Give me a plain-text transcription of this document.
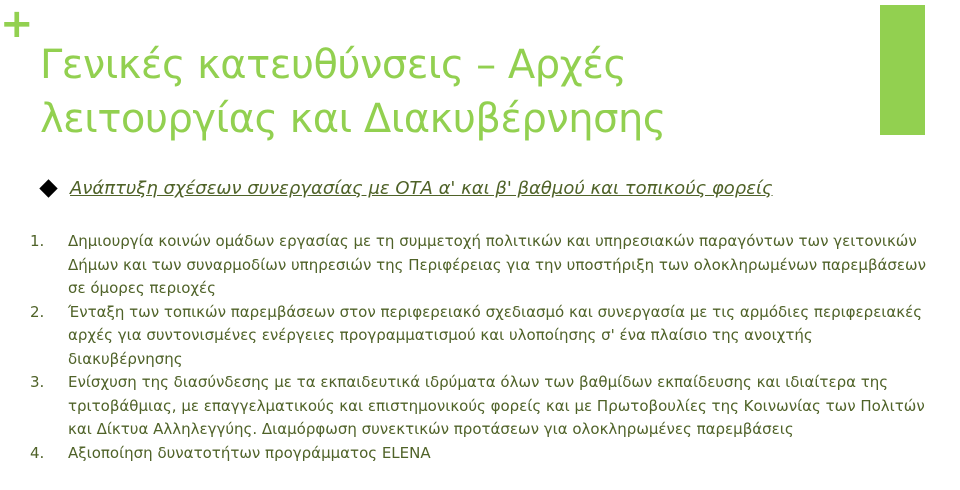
+
Γενικές κατευθύνσεις – Αρχές λειτουργίας και Διακυβέρνησης
Ανάπτυξη σχέσεων συνεργασίας με ΟΤΑ α' και β' βαθμού και τοπικούς φορείς
1.	Δημιουργία κοινών ομάδων εργασίας με τη συμμετοχή πολιτικών και υπηρεσιακών παραγόντων των γειτονικών Δήμων και των συναρμοδίων υπηρεσιών της Περιφέρειας για την υποστήριξη των ολοκληρωμένων παρεμβάσεων σε όμορες περιοχές
2.	Ένταξη των τοπικών παρεμβάσεων στον περιφερειακό σχεδιασμό και συνεργασία με τις αρμόδιες περιφερειακές αρχές για συντονισμένες ενέργειες προγραμματισμού και υλοποίησης σ' ένα πλαίσιο της ανοιχτής διακυβέρνησης
3.	Ενίσχυση της διασύνδεσης με τα εκπαιδευτικά ιδρύματα όλων των βαθμίδων εκπαίδευσης και ιδιαίτερα της τριτοβάθμιας, με επαγγελματικούς και επιστημονικούς φορείς και με Πρωτοβουλίες της Κοινωνίας των Πολιτών και Δίκτυα Αλληλεγγύης. Διαμόρφωση συνεκτικών προτάσεων για ολοκληρωμένες παρεμβάσεις
4.	Αξιοποίηση δυνατοτήτων προγράμματος ELENA
